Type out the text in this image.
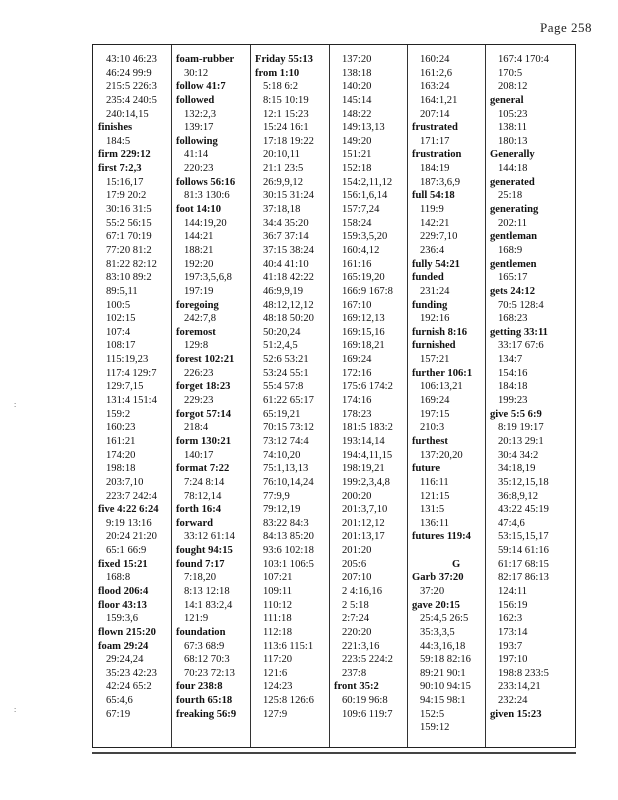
Page 258
:
:
43:10 46:23
46:24 99:9
215:5 226:3
235:4 240:5
240:14,15
finishes
184:5
firm 229:12
first 7:2,3
15:16,17
17:9 20:2
30:16 31:5
55:2 56:15
67:1 70:19
77:20 81:2
81:22 82:12
83:10 89:2
89:5,11
100:5
102:15
107:4
108:17
115:19,23
117:4 129:7
129:7,15
131:4 151:4
159:2
160:23
161:21
174:20
198:18
203:7,10
223:7 242:4
five 4:22 6:24
9:19 13:16
20:24 21:20
65:1 66:9
fixed 15:21
168:8
flood 206:4
floor 43:13
159:3,6
flown 215:20
foam 29:24
29:24,24
35:23 42:23
42:24 65:2
65:4,6
67:19
foam-rubber
30:12
follow 41:7
followed
132:2,3
139:17
following
41:14
220:23
follows 56:16
81:3 130:6
foot 14:10
144:19,20
144:21
188:21
192:20
197:3,5,6,8
197:19
foregoing
242:7,8
foremost
129:8
forest 102:21
226:23
forget 18:23
229:23
forgot 57:14
218:4
form 130:21
140:17
format 7:22
7:24 8:14
78:12,14
forth 16:4
forward
33:12 61:14
fought 94:15
found 7:17
7:18,20
8:13 12:18
14:1 83:2,4
121:9
foundation
67:3 68:9
68:12 70:3
70:23 72:13
four 238:8
fourth 65:18
freaking 56:9
Friday 55:13
from 1:10
5:18 6:2
8:15 10:19
12:1 15:23
15:24 16:1
17:18 19:22
20:10,11
21:1 23:5
26:9,9,12
30:15 31:24
37:18,18
34:4 35:20
36:7 37:14
37:15 38:24
40:4 41:10
41:18 42:22
46:9,9,19
48:12,12,12
48:18 50:20
50:20,24
51:2,4,5
52:6 53:21
53:24 55:1
55:4 57:8
61:22 65:17
65:19,21
70:15 73:12
73:12 74:4
74:10,20
75:1,13,13
76:10,14,24
77:9,9
79:12,19
83:22 84:3
84:13 85:20
93:6 102:18
103:1 106:5
107:21
109:11
110:12
111:18
112:18
113:6 115:1
117:20
121:6
124:23
125:8 126:6
127:9
137:20
138:18
140:20
145:14
148:22
149:13,13
149:20
151:21
152:18
154:2,11,12
156:1,6,14
157:7,24
158:24
159:3,5,20
160:4,12
161:16
165:19,20
166:9 167:8
167:10
169:12,13
169:15,16
169:18,21
169:24
172:16
175:6 174:2
174:16
178:23
181:5 183:2
193:14,14
194:4,11,15
198:19,21
199:2,3,4,8
200:20
201:3,7,10
201:12,12
201:13,17
201:20
205:6
207:10
2 4:16,16
2 5:18
2:7:24
220:20
221:3,16
223:5 224:2
237:8
front 35:2
60:19 96:8
109:6 119:7
160:24
161:2,6
163:24
164:1,21
207:14
frustrated
171:17
frustration
184:19
187:3,6,9
full 54:18
119:9
142:21
229:7,10
236:4
fully 54:21
funded
231:24
funding
192:16
furnish 8:16
furnished
157:21
further 106:1
106:13,21
169:24
197:15
210:3
furthest
137:20,20
future
116:11
121:15
131:5
136:11
futures 119:4
G
Garb 37:20
37:20
gave 20:15
25:4,5 26:5
35:3,3,5
44:3,16,18
59:18 82:16
89:21 90:1
90:10 94:15
94:15 98:1
152:5
159:12
167:4 170:4
170:5
208:12
general
105:23
138:11
180:13
Generally
144:18
generated
25:18
generating
202:11
gentleman
168:9
gentlemen
165:17
gets 24:12
70:5 128:4
168:23
getting 33:11
33:17 67:6
134:7
154:16
184:18
199:23
give 5:5 6:9
8:19 19:17
20:13 29:1
30:4 34:2
34:18,19
35:12,15,18
36:8,9,12
43:22 45:19
47:4,6
53:15,15,17
59:14 61:16
61:17 68:15
82:17 86:13
124:11
156:19
162:3
173:14
193:7
197:10
198:8 233:5
233:14,21
232:24
given 15:23
